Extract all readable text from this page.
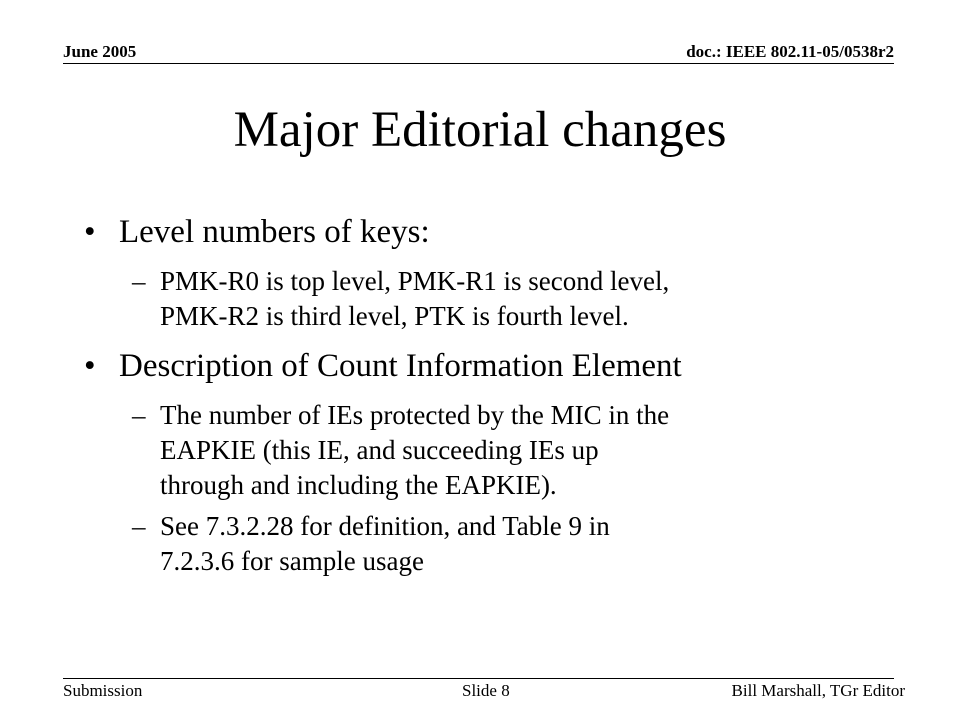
June 2005	doc.: IEEE 802.11-05/0538r2
Major Editorial changes
• Level numbers of keys:
– PMK-R0 is top level, PMK-R1 is second level,
PMK-R2 is third level, PTK is fourth level.
• Description of Count Information Element
– The number of IEs protected by the MIC in the
EAPKIE (this IE, and succeeding IEs up
through and including the EAPKIE).
– See 7.3.2.28 for definition, and Table 9 in
7.2.3.6 for sample usage
Submission	Slide 8	Bill Marshall, TGr Editor
